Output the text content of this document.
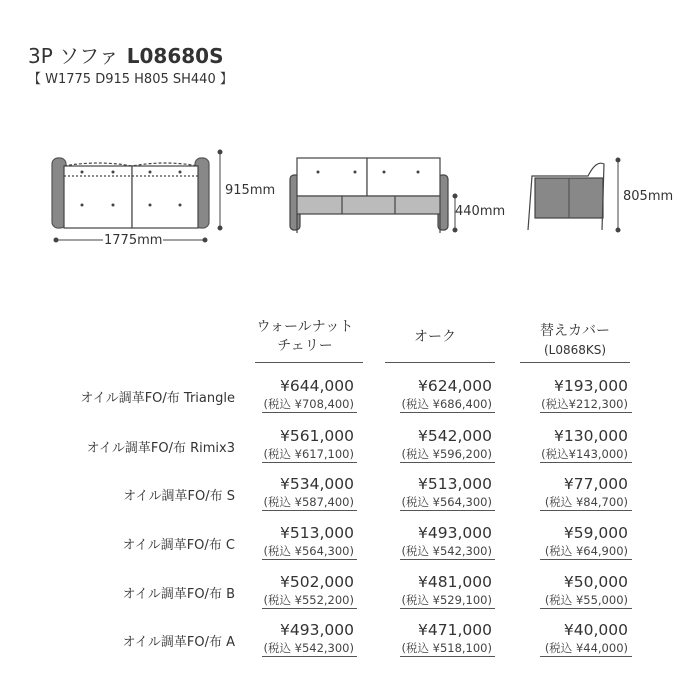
3P ソファ L08680S
【 W1775 D915 H805 SH440 】
1775mm
915mm
440mm
805mm
ウォールナット
チェリー
オーク	替えカバー
(L0868KS)
オイル調革FO/布 Triangle
¥644,000
(税込 ¥708,400)
¥624,000
(税込 ¥686,400)
¥193,000
(税込¥212,300)
オイル調革FO/布 Rimix3
¥561,000
(税込 ¥617,100)
¥542,000
(税込 ¥596,200)
¥130,000
(税込¥143,000)
オイル調革FO/布 S
¥534,000
(税込 ¥587,400)
¥513,000
(税込 ¥564,300)
¥77,000
(税込 ¥84,700)
オイル調革FO/布 C
¥513,000
(税込 ¥564,300)
¥493,000
(税込 ¥542,300)
¥59,000
(税込 ¥64,900)
オイル調革FO/布 B
¥502,000
(税込 ¥552,200)
¥481,000
(税込 ¥529,100)
¥50,000
(税込 ¥55,000)
オイル調革FO/布 A
¥493,000
(税込 ¥542,300)
¥471,000
(税込 ¥518,100)
¥40,000
(税込 ¥44,000)
